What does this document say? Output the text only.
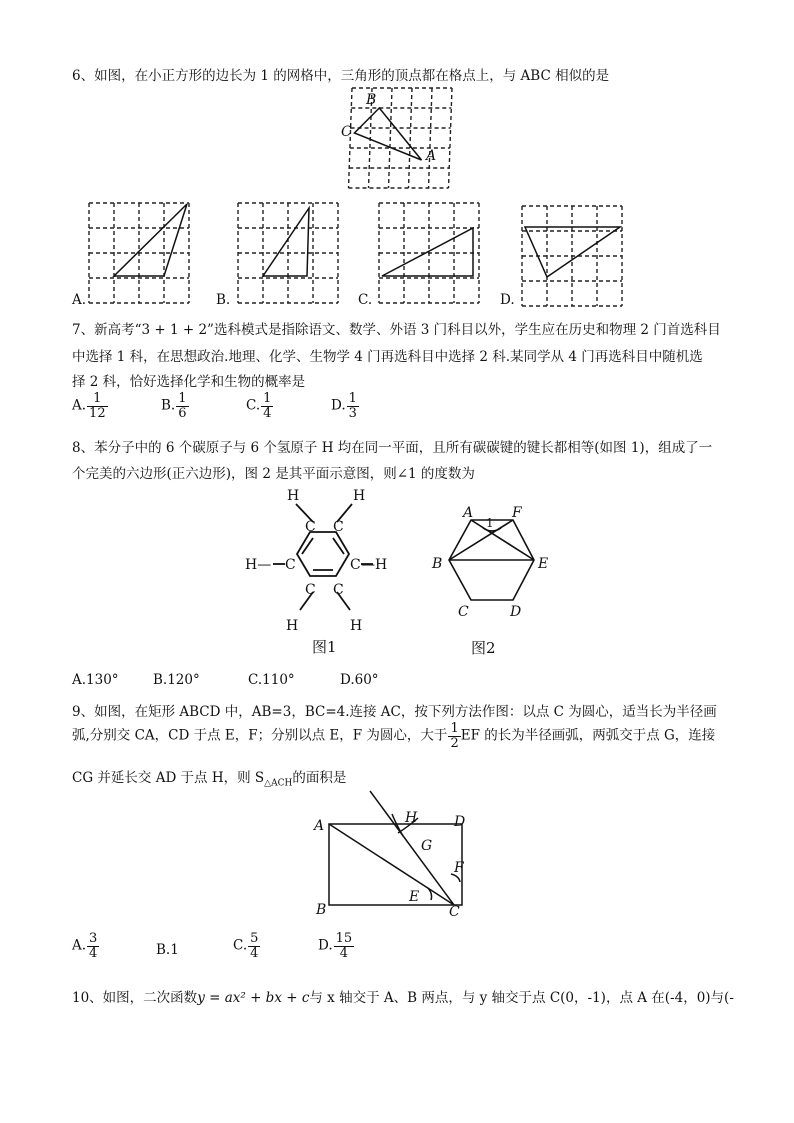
6、如图，在小正方形的边长为 1 的网格中，三角形的顶点都在格点上，与 ABC 相似的是
B
C
A
A.	B.	C.	D.
7、新高考“3 + 1 + 2”选科模式是指除语文、数学、外语 3 门科目以外，学生应在历史和物理 2 门首选科目
中选择 1 科，在思想政治.地理、化学、生物学 4 门再选科目中选择 2 科.某同学从 4 门再选科目中随机选
择 2 科，恰好选择化学和生物的概率是
A. $\frac{1}{12}$	B. $\frac{1}{6}$	C. $\frac{1}{4}$	D. $\frac{1}{3}$
8、苯分子中的 6 个碳原子与 6 个氢原子 H 均在同一平面，且所有碳碳键的键长都相等(如图 1)，组成了一
个完美的六边形(正六边形)，图 2 是其平面示意图，则∠1 的度数为
H	H
C C
H— C	C —H
C C
H	H
图1
A	F
1
B	E
C	D
图2
A.130°	B.120°	C.110°	D.60°
9、如图，在矩形 ABCD 中，AB=3，BC=4.连接 AC，按下列方法作图：以点 C 为圆心，适当长为半径画
弧,分别交 CA，CD 于点 E，F；分别以点 E，F 为圆心，大于 $\frac{1}{2}$ EF 的长为半径画弧，两弧交于点 G，连接
CG 并延长交 AD 于点 H，则 $S_{\triangle ACH}$的面积是
A	H	D
G
F
E
B	C
A. $\frac{3}{4}$	B.1	C. $\frac{5}{4}$	D. $\frac{15}{4}$
10、如图，二次函数y = ax² + bx + c与 x 轴交于 A、B 两点，与 y 轴交于点 C(0，-1)，点 A 在(-4，0)与(-
